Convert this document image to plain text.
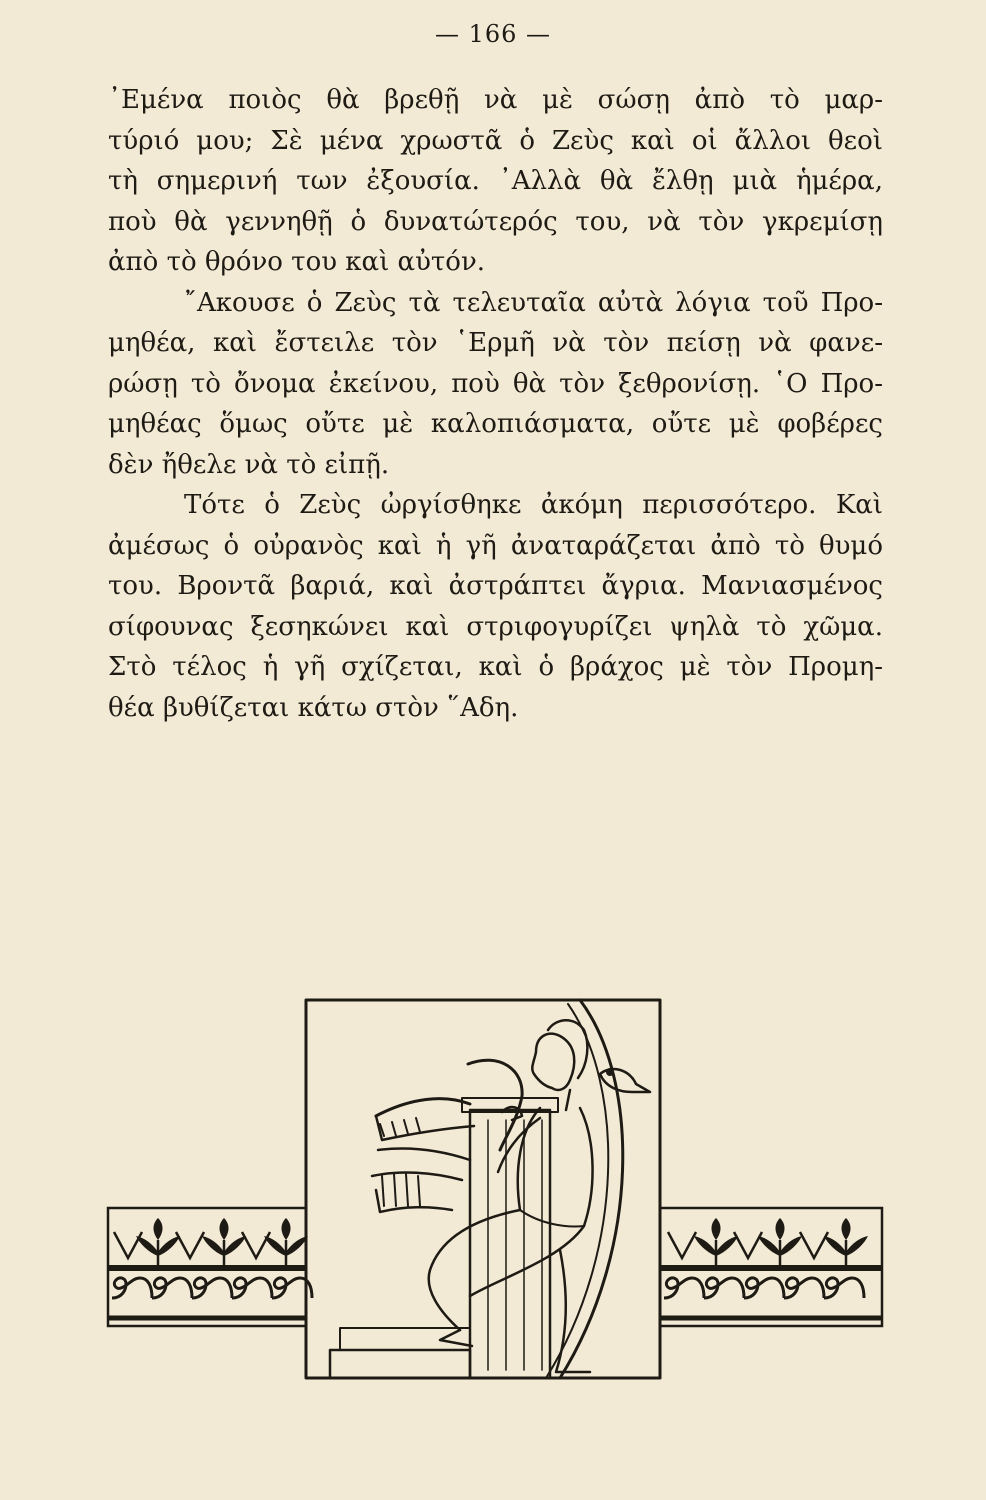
— 166 —
᾿Εμένα ποιὸς θὰ βρεθῇ νὰ μὲ σώσῃ ἀπὸ τὸ μαρ-
τύριό μου; Σὲ μένα χρωστᾶ ὁ Ζεὺς καὶ οἱ ἄλλοι θεοὶ
τὴ σημερινή των ἐξουσία. ᾿Αλλὰ θὰ ἔλθῃ μιὰ ἡμέρα,
ποὺ θὰ γεννηθῇ ὁ δυνατώτερός του, νὰ τὸν γκρεμίσῃ
ἀπὸ τὸ θρόνο του καὶ αὐτόν.
῎Ακουσε ὁ Ζεὺς τὰ τελευταῖα αὐτὰ λόγια τοῦ Προ-
μηθέα, καὶ ἔστειλε τὸν ῾Ερμῆ νὰ τὸν πείσῃ νὰ φανε-
ρώσῃ τὸ ὄνομα ἐκείνου, ποὺ θὰ τὸν ξεθρονίσῃ. ῾Ο Προ-
μηθέας ὅμως οὔτε μὲ καλοπιάσματα, οὔτε μὲ φοβέρες
δὲν ἤθελε νὰ τὸ εἰπῇ.
Τότε ὁ Ζεὺς ὠργίσθηκε ἀκόμη περισσότερο. Καὶ
ἀμέσως ὁ οὐρανὸς καὶ ἡ γῆ ἀναταράζεται ἀπὸ τὸ θυμό
του. Βροντᾶ βαριά, καὶ ἀστράπτει ἄγρια. Μανιασμένος
σίφουνας ξεσηκώνει καὶ στριφογυρίζει ψηλὰ τὸ χῶμα.
Στὸ τέλος ἡ γῆ σχίζεται, καὶ ὁ βράχος μὲ τὸν Προμη-
θέα βυθίζεται κάτω στὸν ῞Αδη.
